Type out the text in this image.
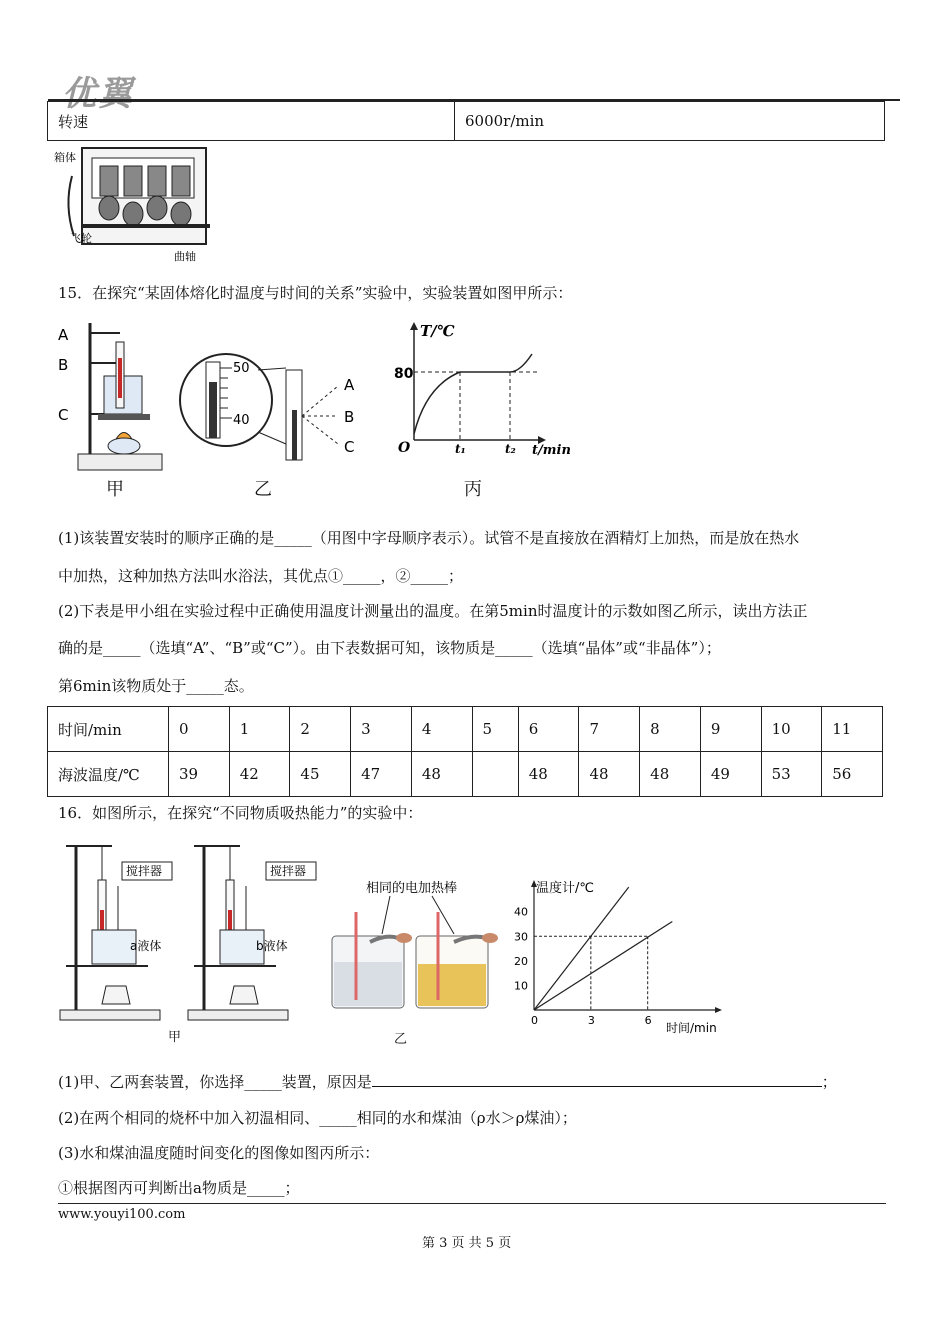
优翼
转速	6000r/min
箱体
飞轮
曲轴
15．在探究“某固体熔化时温度与时间的关系”实验中，实验装置如图甲所示：
A
B
C
甲
50
40
A
B
C
乙
T/℃
80
O	t₁	t₂ t/min
丙
(1)该装置安装时的顺序正确的是_____（用图中字母顺序表示）。试管不是直接放在酒精灯上加热，而是放在热水
中加热，这种加热方法叫水浴法，其优点①_____，②_____；
(2)下表是甲小组在实验过程中正确使用温度计测量出的温度。在第5min时温度计的示数如图乙所示，读出方法正
确的是_____（选填“A”、“B”或“C”）。由下表数据可知，该物质是_____（选填“晶体”或“非晶体”）；
第6min该物质处于_____态。
时间/min	0	1	2	3	4	5	6	7	8	9	10	11
海波温度/℃	39	42	45	47	48		48	48	48	49	53	56
16．如图所示，在探究“不同物质吸热能力”的实验中：
搅拌器
a液体
搅拌器
b液体
甲
相同的电加热棒
乙
温度计/℃
时间/min
10
20
30
40
0	3	6
(1)甲、乙两套装置，你选择_____装置，原因是	；
(2)在两个相同的烧杯中加入初温相同、_____相同的水和煤油（ρ水＞ρ煤油）；
(3)水和煤油温度随时间变化的图像如图丙所示：
①根据图丙可判断出a物质是_____；
www.youyi100.com
第 3 页 共 5 页
